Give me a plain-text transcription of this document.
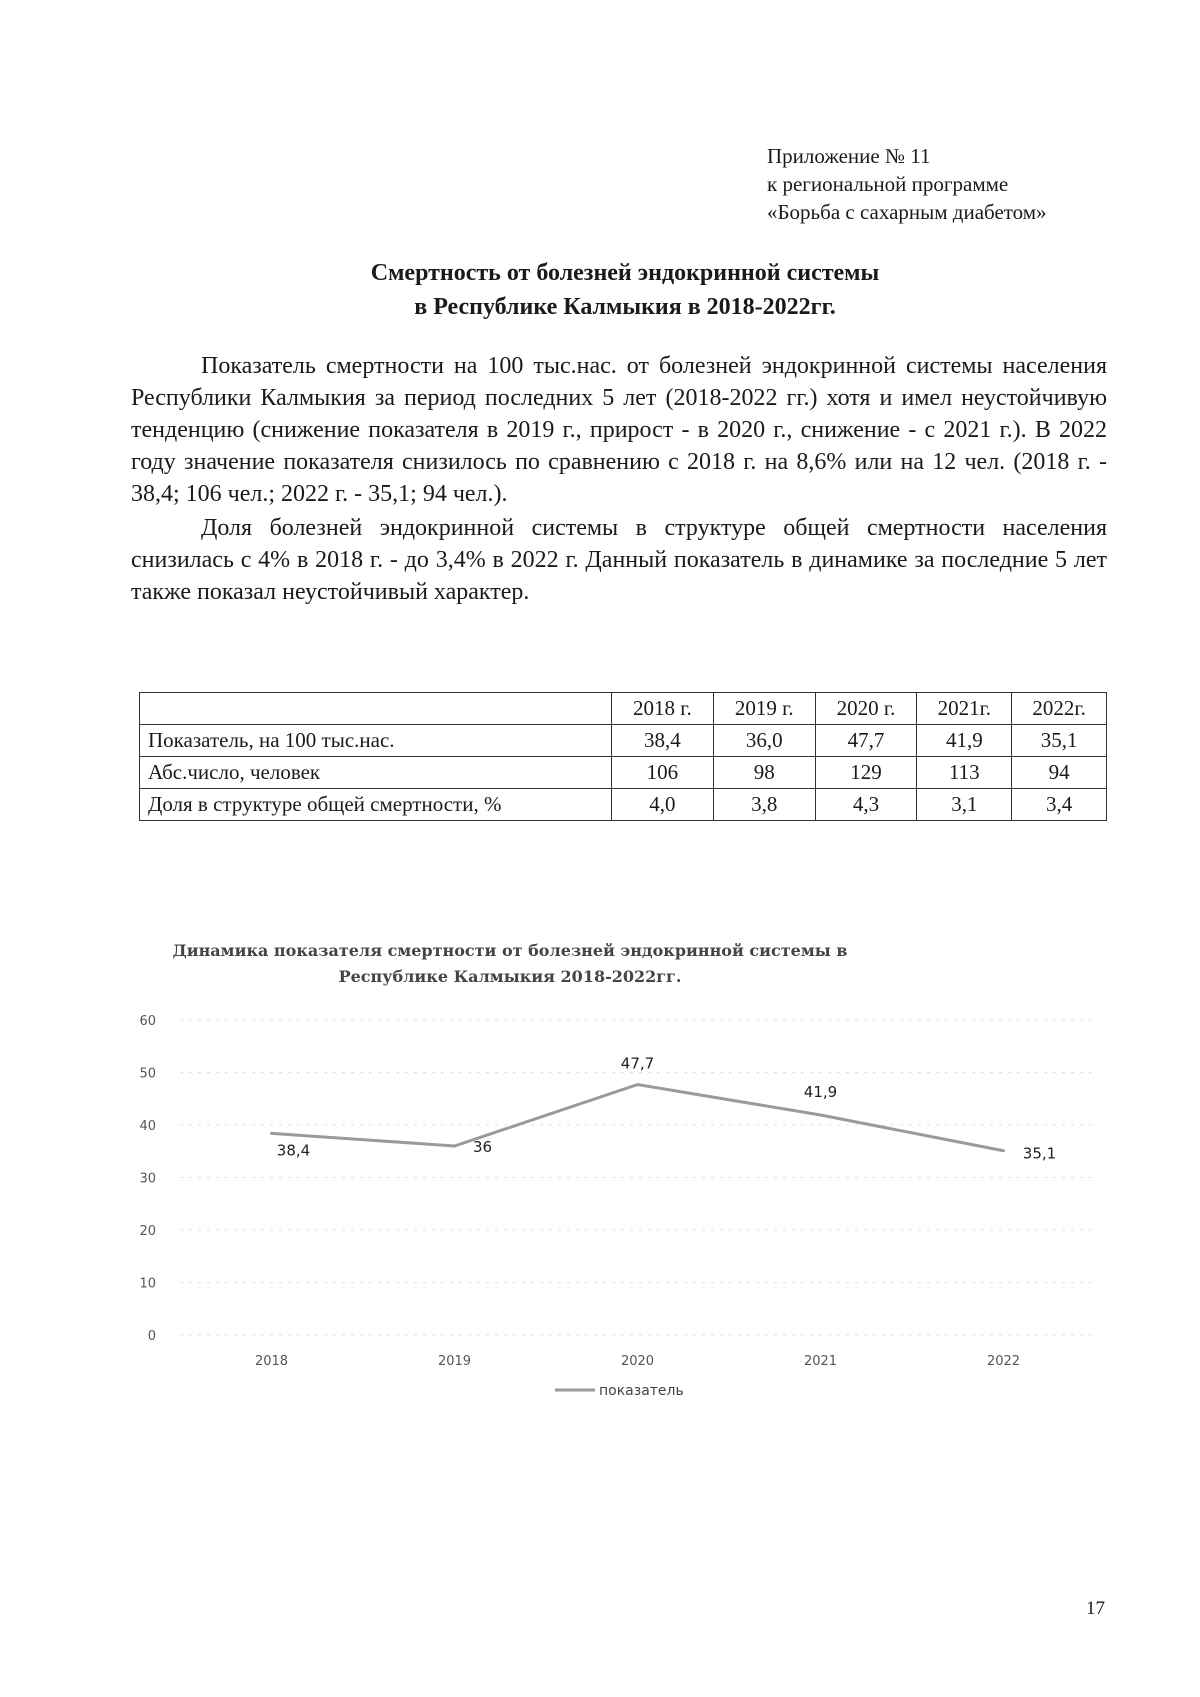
Приложение № 11
к региональной программе
«Борьба с сахарным диабетом»
Смертность от болезней эндокринной системы
в Республике Калмыкия в 2018-2022гг.

Показатель смертности на 100 тыс.нас. от болезней эндокринной системы населения Республики Калмыкия за период последних 5 лет (2018-2022 гг.) хотя и имел неустойчивую тенденцию (снижение показателя в 2019 г., прирост - в 2020 г., снижение - с 2021 г.). В 2022 году значение показателя снизилось по сравнению с 2018 г. на 8,6% или на 12 чел. (2018 г. - 38,4; 106 чел.; 2022 г. - 35,1; 94 чел.).

Доля болезней эндокринной системы в структуре общей смертности населения снизилась с 4% в 2018 г. - до 3,4% в 2022 г. Данный показатель в динамике за последние 5 лет также показал неустойчивый характер.

	2018 г.	2019 г.	2020 г.	2021г.	2022г.
Показатель, на 100 тыс.нас.	38,4	36,0	47,7	41,9	35,1
Абс.число, человек	106	98	129	113	94
Доля в структуре общей смертности, %	4,0	3,8	4,3	3,1	3,4
Динамика показателя смертности от болезней эндокринной системы в
Республике Калмыкия 2018-2022гг.
0
10
20
30
40
50
60
2018	2019	2020	2021	2022
38,4	36
47,7
41,9
35,1
показатель
17
